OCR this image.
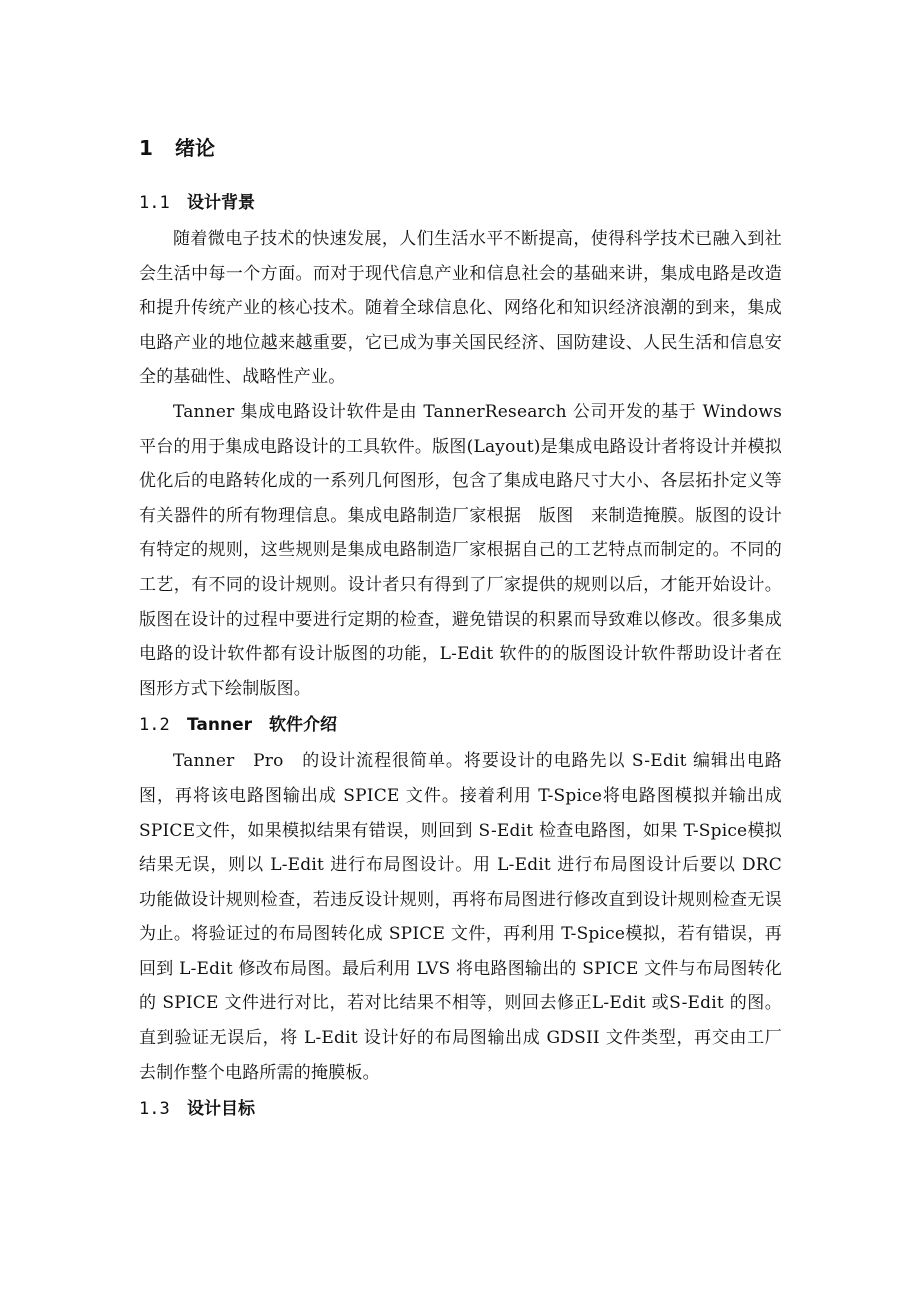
1 绪论
1.1 设计背景

随着微电子技术的快速发展，人们生活水平不断提高，使得科学技术已融入到社会生活中每一个方面。而对于现代信息产业和信息社会的基础来讲，集成电路是改造和提升传统产业的核心技术。随着全球信息化、网络化和知识经济浪潮的到来，集成电路产业的地位越来越重要，它已成为事关国民经济、国防建设、人民生活和信息安全的基础性、战略性产业。

Tanner 集成电路设计软件是由 TannerResearch 公司开发的基于 Windows 平台的用于集成电路设计的工具软件。版图(Layout)是集成电路设计者将设计并模拟优化后的电路转化成的一系列几何图形，包含了集成电路尺寸大小、各层拓扑定义等有关器件的所有物理信息。集成电路制造厂家根据　版图　来制造掩膜。版图的设计有特定的规则，这些规则是集成电路制造厂家根据自己的工艺特点而制定的。不同的工艺，有不同的设计规则。设计者只有得到了厂家提供的规则以后，才能开始设计。版图在设计的过程中要进行定期的检查，避免错误的积累而导致难以修改。很多集成电路的设计软件都有设计版图的功能，L-Edit 软件的的版图设计软件帮助设计者在图形方式下绘制版图。

1.2 Tanner　软件介绍

Tanner　Pro　的设计流程很简单。将要设计的电路先以 S-Edit 编辑出电路图，再将该电路图输出成 SPICE 文件。接着利用 T-Spice将电路图模拟并输出成 SPICE文件，如果模拟结果有错误，则回到 S-Edit 检查电路图，如果 T-Spice模拟结果无误，则以 L-Edit 进行布局图设计。用 L-Edit 进行布局图设计后要以 DRC 功能做设计规则检查，若违反设计规则，再将布局图进行修改直到设计规则检查无误为止。将验证过的布局图转化成 SPICE 文件，再利用 T-Spice模拟，若有错误，再回到 L-Edit 修改布局图。最后利用 LVS 将电路图输出的 SPICE 文件与布局图转化的 SPICE 文件进行对比，若对比结果不相等，则回去修正L-Edit 或S-Edit 的图。直到验证无误后，将 L-Edit 设计好的布局图输出成 GDSII 文件类型，再交由工厂去制作整个电路所需的掩膜板。

1.3 设计目标
